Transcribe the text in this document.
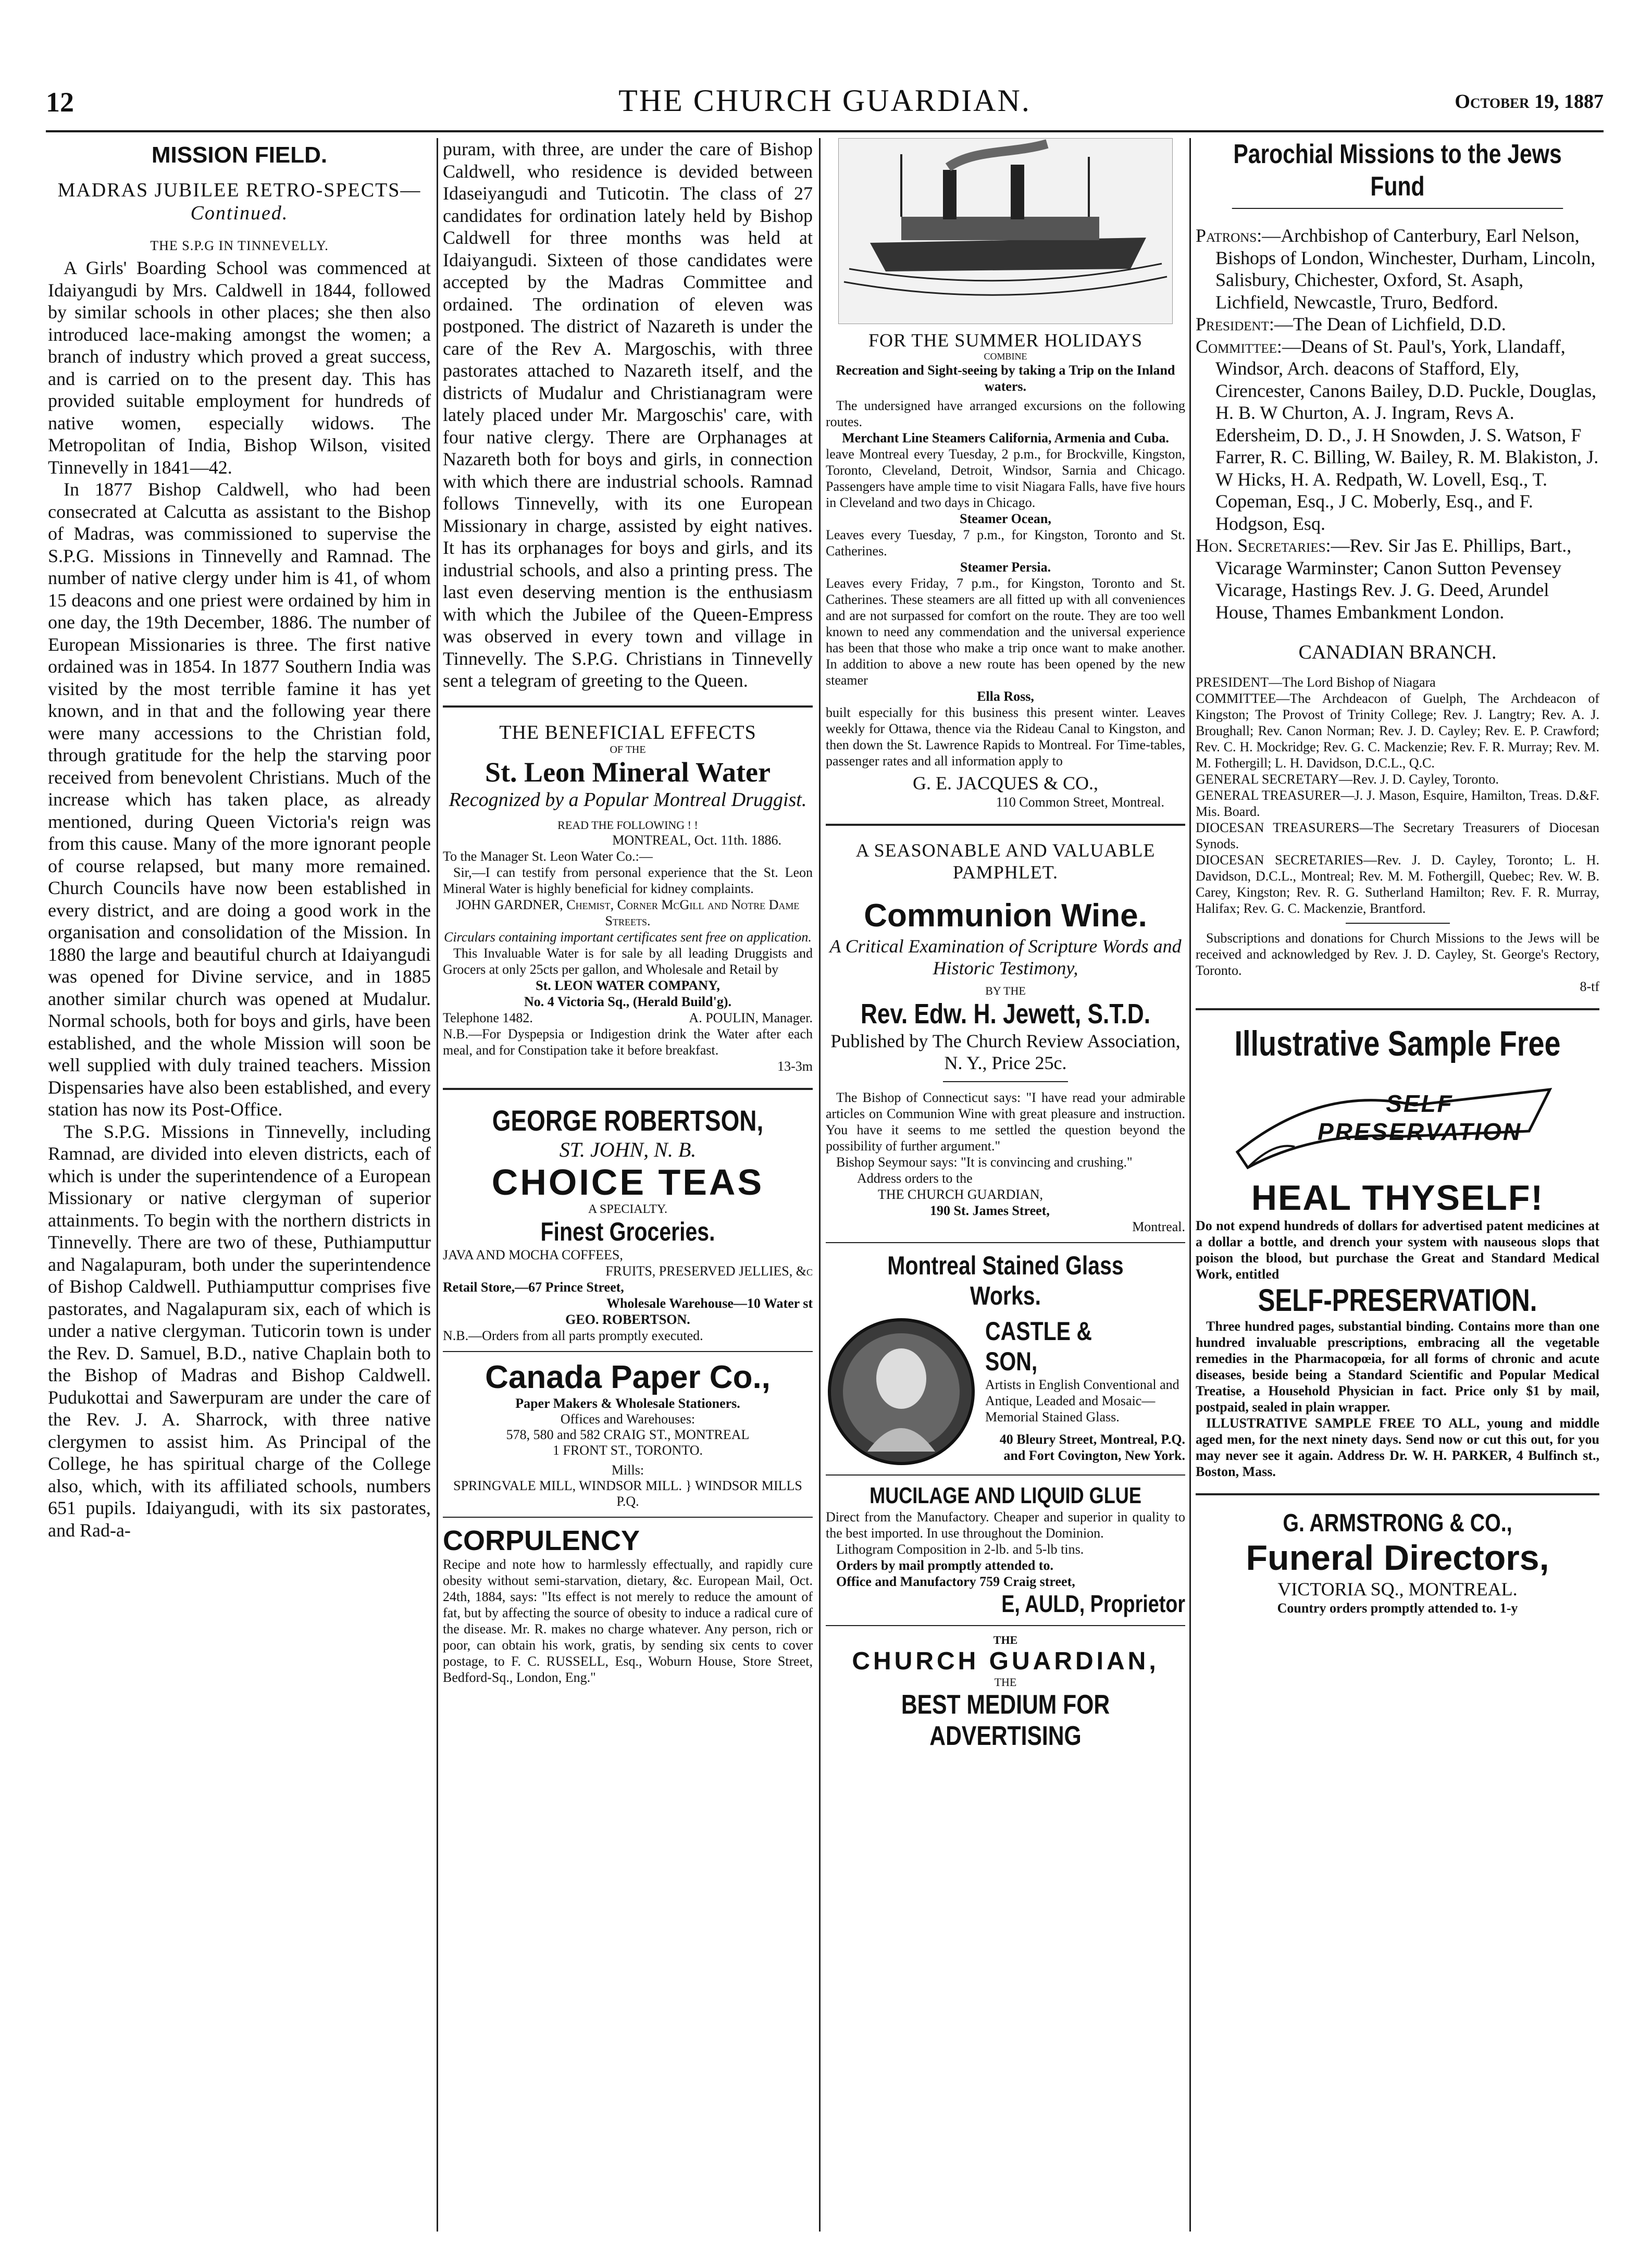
12	THE CHURCH GUARDIAN.	October 19, 1887

MISSION FIELD.

MADRAS JUBILEE RETRO-SPECTS—Continued.

THE S.P.G IN TINNEVELLY.

A Girls' Boarding School was commenced at Idaiyangudi by Mrs. Caldwell in 1844, followed by similar schools in other places; she then also introduced lace-making amongst the women; a branch of industry which proved a great success, and is carried on to the present day. This has provided suitable employment for hundreds of native women, especially widows. The Metropolitan of India, Bishop Wilson, visited Tinnevelly in 1841—42.

In 1877 Bishop Caldwell, who had been consecrated at Calcutta as assistant to the Bishop of Madras, was commissioned to supervise the S.P.G. Missions in Tinnevelly and Ramnad. The number of native clergy under him is 41, of whom 15 deacons and one priest were ordained by him in one day, the 19th December, 1886. The number of European Missionaries is three. The first native ordained was in 1854. In 1877 Southern India was visited by the most terrible famine it has yet known, and in that and the following year there were many accessions to the Christian fold, through gratitude for the help the starving poor received from benevolent Christians. Much of the increase which has taken place, as already mentioned, during Queen Victoria's reign was from this cause. Many of the more ignorant people of course relapsed, but many more remained. Church Councils have now been established in every district, and are doing a good work in the organisation and consolidation of the Mission. In 1880 the large and beautiful church at Idaiyangudi was opened for Divine service, and in 1885 another similar church was opened at Mudalur. Normal schools, both for boys and girls, have been established, and the whole Mission will soon be well supplied with duly trained teachers. Mission Dispensaries have also been established, and every station has now its Post-Office.

The S.P.G. Missions in Tinnevelly, including Ramnad, are divided into eleven districts, each of which is under the superintendence of a European Missionary or native clergyman of superior attainments. To begin with the northern districts in Tinnevelly. There are two of these, Puthiamputtur and Nagalapuram, both under the superintendence of Bishop Caldwell. Puthiamputtur comprises five pastorates, and Nagalapuram six, each of which is under a native clergyman. Tuticorin town is under the Rev. D. Samuel, B.D., native Chaplain both to the Bishop of Madras and Bishop Caldwell. Pudukottai and Sawerpuram are under the care of the Rev. J. A. Sharrock, with three native clergymen to assist him. As Principal of the College, he has spiritual charge of the College also, which, with its affiliated schools, numbers 651 pupils. Idaiyangudi, with its six pastorates, and Rad-a-

puram, with three, are under the care of Bishop Caldwell, who residence is devided between Idaseiyangudi and Tuticotin. The class of 27 candidates for ordination lately held by Bishop Caldwell for three months was held at Idaiyangudi. Sixteen of those candidates were accepted by the Madras Committee and ordained. The ordination of eleven was postponed. The district of Nazareth is under the care of the Rev A. Margoschis, with three pastorates attached to Nazareth itself, and the districts of Mudalur and Christianagram were lately placed under Mr. Margoschis' care, with four native clergy. There are Orphanages at Nazareth both for boys and girls, in connection with which there are industrial schools. Ramnad follows Tinnevelly, with its one European Missionary in charge, assisted by eight natives. It has its orphanages for boys and girls, and its industrial schools, and also a printing press. The last even deserving mention is the enthusiasm with which the Jubilee of the Queen-Empress was observed in every town and village in Tinnevelly. The S.P.G. Christians in Tinnevelly sent a telegram of greeting to the Queen.

THE BENEFICIAL EFFECTS

OF THE

St. Leon Mineral Water

Recognized by a Popular Montreal Druggist.

READ THE FOLLOWING ! !

MONTREAL, Oct. 11th. 1886.

To the Manager St. Leon Water Co.:—

Sir,—I can testify from personal experience that the St. Leon Mineral Water is highly beneficial for kidney complaints.

JOHN GARDNER, Chemist, Corner McGill and Notre Dame Streets.

Circulars containing important certificates sent free on application.

This Invaluable Water is for sale by all leading Druggists and Grocers at only 25cts per gallon, and Wholesale and Retail by

St. LEON WATER COMPANY,

No. 4 Victoria Sq., (Herald Build'g).

Telephone 1482.	A. POULIN, Manager.

N.B.—For Dyspepsia or Indigestion drink the Water after each meal, and for Constipation take it before breakfast.

13-3m

GEORGE ROBERTSON,

ST. JOHN, N. B.

CHOICE TEAS

A SPECIALTY.

Finest Groceries.

JAVA AND MOCHA COFFEES,

FRUITS, PRESERVED JELLIES, &c

Retail Store,—67 Prince Street,

Wholesale Warehouse—10 Water st

GEO. ROBERTSON.

N.B.—Orders from all parts promptly executed.

Canada Paper Co.,

Paper Makers & Wholesale Stationers.

Offices and Warehouses:

578, 580 and 582 CRAIG ST., MONTREAL

1 FRONT ST., TORONTO.

Mills:

SPRINGVALE MILL, WINDSOR MILL. } WINDSOR MILLS P.Q.

CORPULENCY

Recipe and note how to harmlessly effectually, and rapidly cure obesity without semi-starvation, dietary, &c. European Mail, Oct. 24th, 1884, says: "Its effect is not merely to reduce the amount of fat, but by affecting the source of obesity to induce a radical cure of the disease. Mr. R. makes no charge whatever. Any person, rich or poor, can obtain his work, gratis, by sending six cents to cover postage, to F. C. RUSSELL, Esq., Woburn House, Store Street, Bedford-Sq., London, Eng."

FOR THE SUMMER HOLIDAYS

COMBINE

Recreation and Sight-seeing by taking a Trip on the Inland waters.

The undersigned have arranged excursions on the following routes.

Merchant Line Steamers California, Armenia and Cuba.

leave Montreal every Tuesday, 2 p.m., for Brockville, Kingston, Toronto, Cleveland, Detroit, Windsor, Sarnia and Chicago. Passengers have ample time to visit Niagara Falls, have five hours in Cleveland and two days in Chicago.

Steamer Ocean,

Leaves every Tuesday, 7 p.m., for Kingston, Toronto and St. Catherines.

Steamer Persia.

Leaves every Friday, 7 p.m., for Kingston, Toronto and St. Catherines. These steamers are all fitted up with all conveniences and are not surpassed for comfort on the route. They are too well known to need any commendation and the universal experience has been that those who make a trip once want to make another. In addition to above a new route has been opened by the new steamer

Ella Ross,

built especially for this business this present winter. Leaves weekly for Ottawa, thence via the Rideau Canal to Kingston, and then down the St. Lawrence Rapids to Montreal. For Time-tables, passenger rates and all information apply to

G. E. JACQUES & CO.,

110 Common Street, Montreal.

A SEASONABLE AND VALUABLE PAMPHLET.

Communion Wine.

A Critical Examination of Scripture Words and Historic Testimony,

BY THE

Rev. Edw. H. Jewett, S.T.D.

Published by The Church Review Association, N. Y., Price 25c.

The Bishop of Connecticut says: "I have read your admirable articles on Communion Wine with great pleasure and instruction. You have it seems to me settled the question beyond the possibility of further argument."

Bishop Seymour says: "It is convincing and crushing."

Address orders to the

THE CHURCH GUARDIAN,

190 St. James Street,

Montreal.

Montreal Stained Glass Works.

CASTLE & SON,

Artists in English Conventional and Antique, Leaded and Mosaic—Memorial Stained Glass.

40 Bleury Street, Montreal, P.Q.

and Fort Covington, New York.

MUCILAGE AND LIQUID GLUE

Direct from the Manufactory. Cheaper and superior in quality to the best imported. In use throughout the Dominion.

Lithogram Composition in 2-lb. and 5-lb tins.

Orders by mail promptly attended to.

Office and Manufactory 759 Craig street,

E, AULD, Proprietor

THE

CHURCH GUARDIAN,

THE

BEST MEDIUM FOR ADVERTISING

Parochial Missions to the Jews Fund

Patrons:—Archbishop of Canterbury, Earl Nelson, Bishops of London, Winchester, Durham, Lincoln, Salisbury, Chichester, Oxford, St. Asaph, Lichfield, Newcastle, Truro, Bedford.

President:—The Dean of Lichfield, D.D.

Committee:—Deans of St. Paul's, York, Llandaff, Windsor, Arch. deacons of Stafford, Ely, Cirencester, Canons Bailey, D.D. Puckle, Douglas, H. B. W Churton, A. J. Ingram, Revs A. Edersheim, D. D., J. H Snowden, J. S. Watson, F Farrer, R. C. Billing, W. Bailey, R. M. Blakiston, J. W Hicks, H. A. Redpath, W. Lovell, Esq., T. Copeman, Esq., J C. Moberly, Esq., and F. Hodgson, Esq.

Hon. Secretaries:—Rev. Sir Jas E. Phillips, Bart., Vicarage Warminster; Canon Sutton Pevensey Vicarage, Hastings Rev. J. G. Deed, Arundel House, Thames Embankment London.

CANADIAN BRANCH.

PRESIDENT—The Lord Bishop of Niagara

COMMITTEE—The Archdeacon of Guelph, The Archdeacon of Kingston; The Provost of Trinity College; Rev. J. Langtry; Rev. A. J. Broughall; Rev. Canon Norman; Rev. J. D. Cayley; Rev. E. P. Crawford; Rev. C. H. Mockridge; Rev. G. C. Mackenzie; Rev. F. R. Murray; Rev. M. M. Fothergill; L. H. Davidson, D.C.L., Q.C.

GENERAL SECRETARY—Rev. J. D. Cayley, Toronto.

GENERAL TREASURER—J. J. Mason, Esquire, Hamilton, Treas. D.&F. Mis. Board.

DIOCESAN TREASURERS—The Secretary Treasurers of Diocesan Synods.

DIOCESAN SECRETARIES—Rev. J. D. Cayley, Toronto; L. H. Davidson, D.C.L., Montreal; Rev. M. M. Fothergill, Quebec; Rev. W. B. Carey, Kingston; Rev. R. G. Sutherland Hamilton; Rev. F. R. Murray, Halifax; Rev. G. C. Mackenzie, Brantford.

Subscriptions and donations for Church Missions to the Jews will be received and acknowledged by Rev. J. D. Cayley, St. George's Rectory, Toronto.

8-tf

Illustrative Sample Free

SELF PRESERVATION

HEAL THYSELF!

Do not expend hundreds of dollars for advertised patent medicines at a dollar a bottle, and drench your system with nauseous slops that poison the blood, but purchase the Great and Standard Medical Work, entitled

SELF-PRESERVATION.

Three hundred pages, substantial binding. Contains more than one hundred invaluable prescriptions, embracing all the vegetable remedies in the Pharmacopœia, for all forms of chronic and acute diseases, beside being a Standard Scientific and Popular Medical Treatise, a Household Physician in fact. Price only $1 by mail, postpaid, sealed in plain wrapper.

ILLUSTRATIVE SAMPLE FREE TO ALL, young and middle aged men, for the next ninety days. Send now or cut this out, for you may never see it again. Address Dr. W. H. PARKER, 4 Bulfinch st., Boston, Mass.

G. ARMSTRONG & CO.,

Funeral Directors,

VICTORIA SQ., MONTREAL.

Country orders promptly attended to. 1-y
